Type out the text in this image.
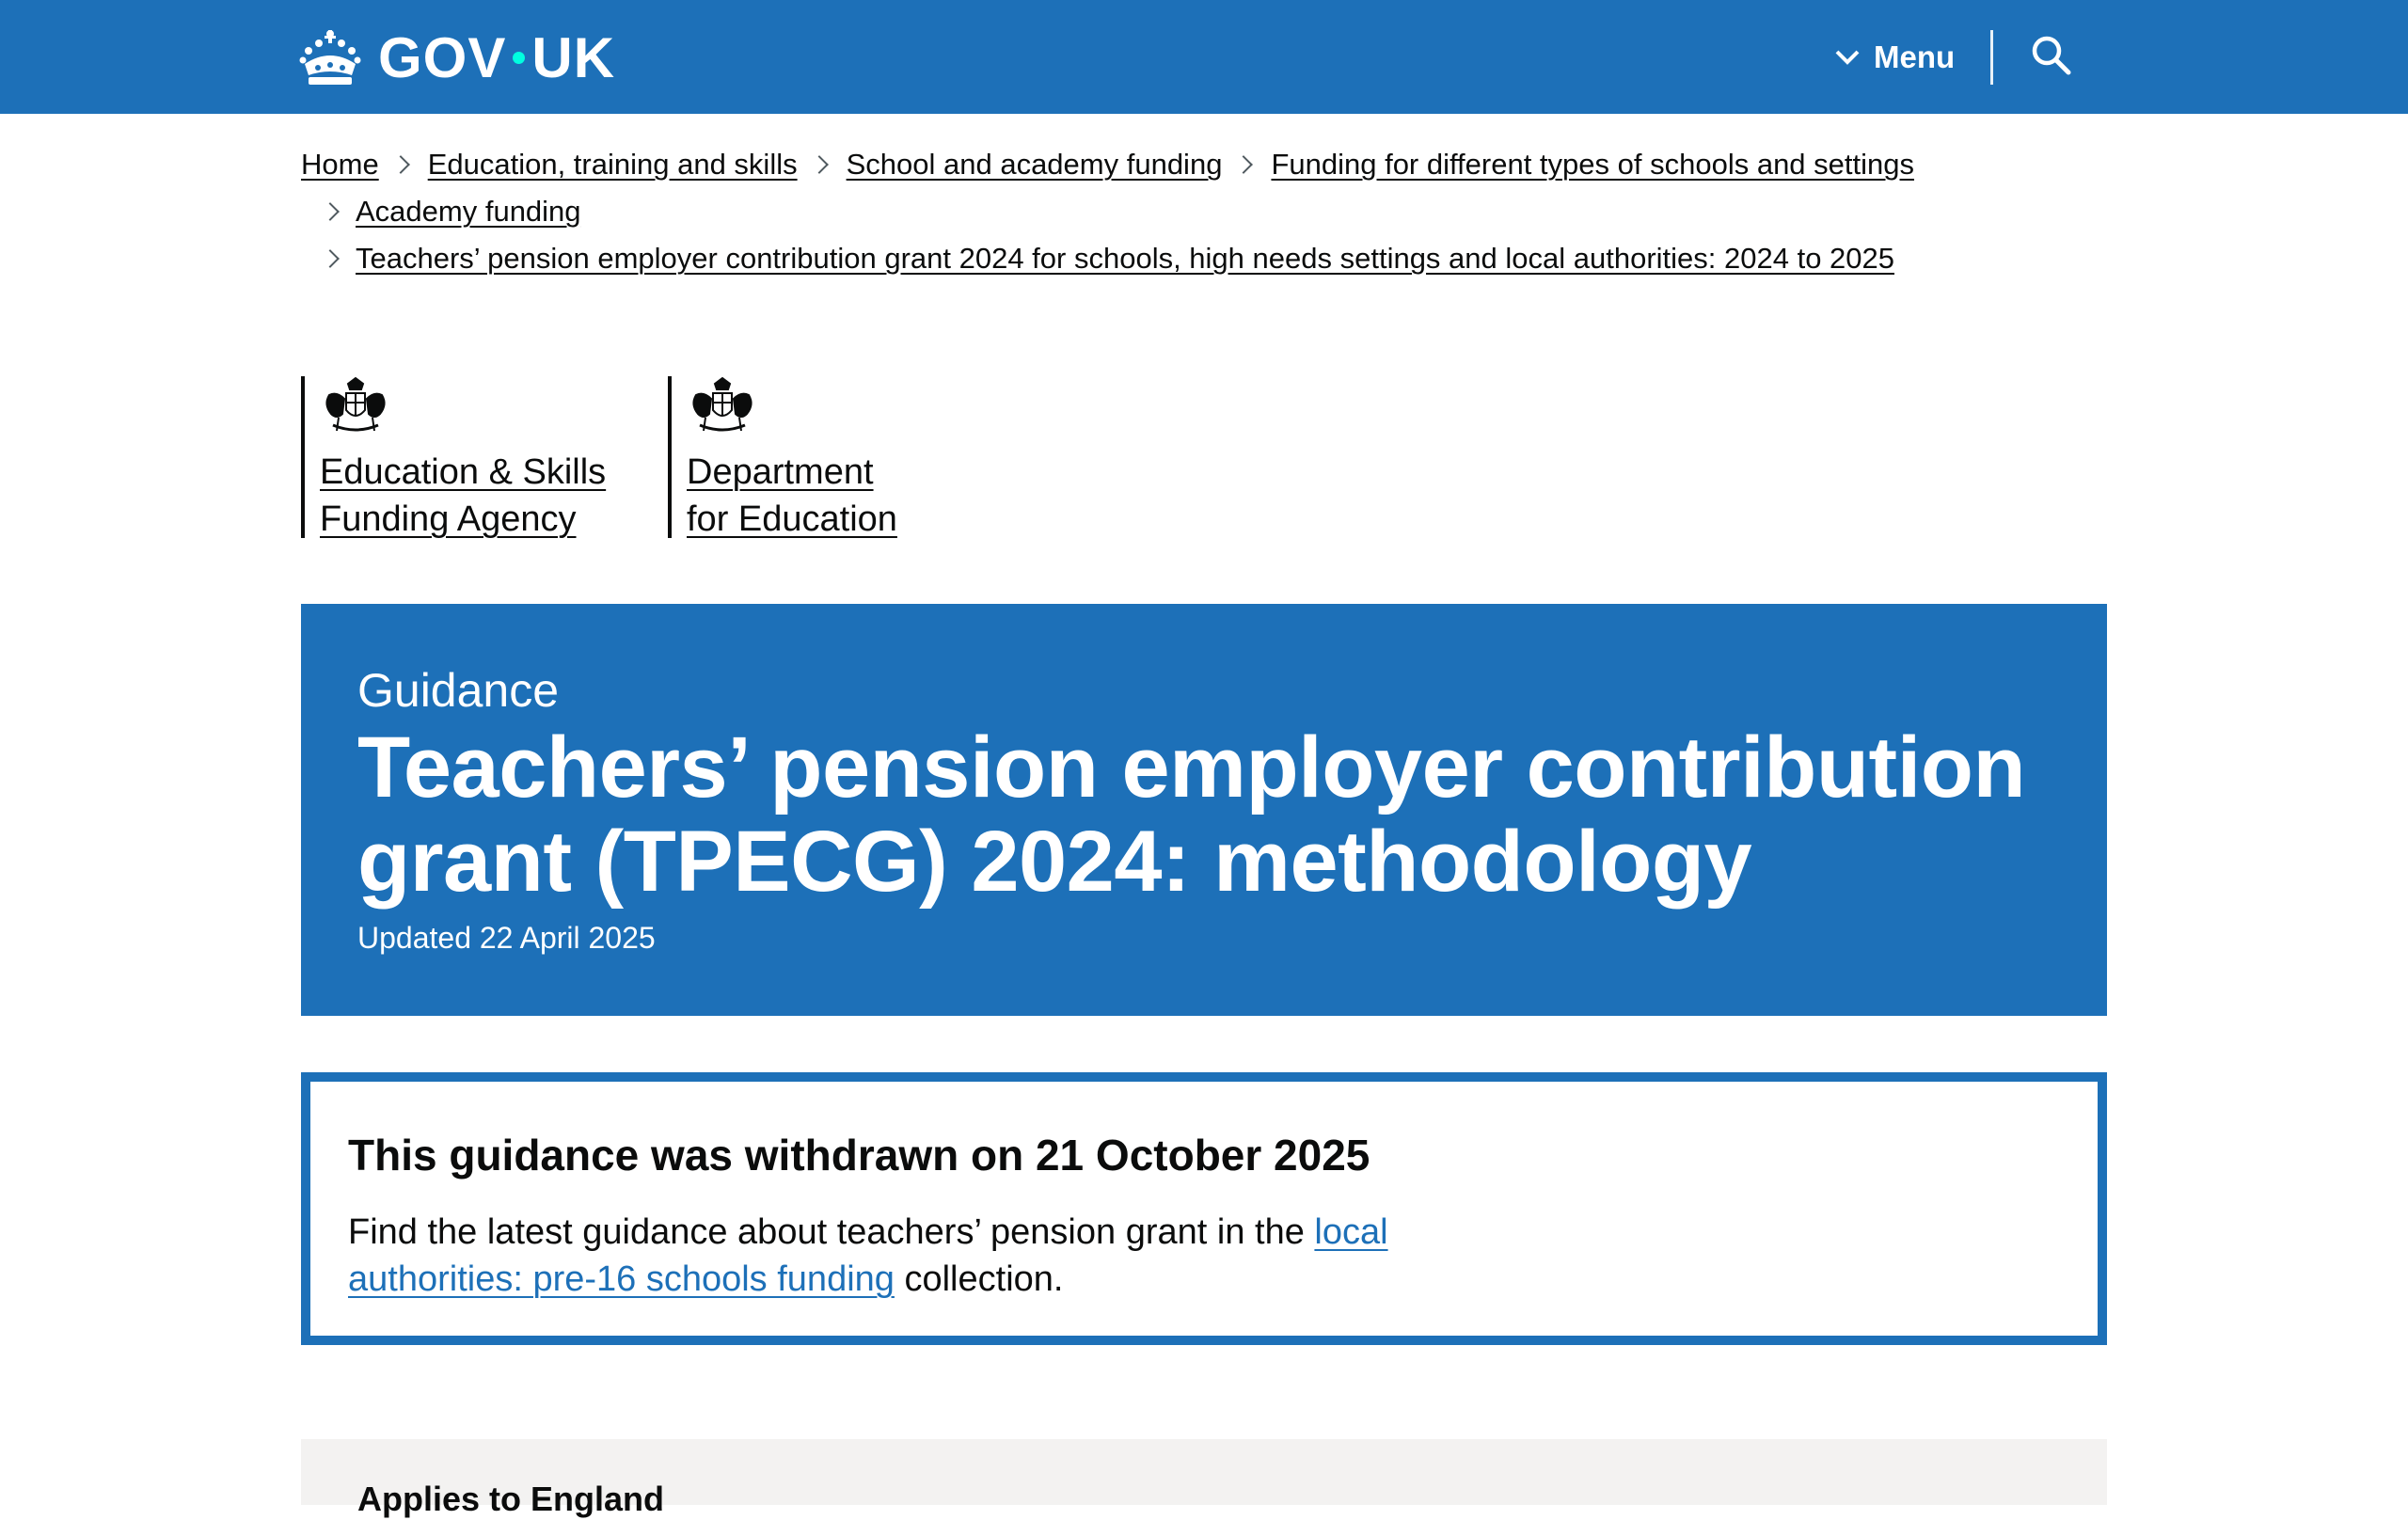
GOV UK	Menu
Home Education, training and skills School and academy funding Funding for different types of schools and settings
Academy funding
Teachers’ pension employer contribution grant 2024 for schools, high needs settings and local authorities: 2024 to 2025
Education & Skills
Funding Agency
Department
for Education
Guidance
Teachers’ pension employer contribution
grant (TPECG) 2024: methodology
Updated 22 April 2025
This guidance was withdrawn on 21 October 2025

Find the latest guidance about teachers’ pension grant in the local
authorities: pre-16 schools funding collection.

Applies to England
